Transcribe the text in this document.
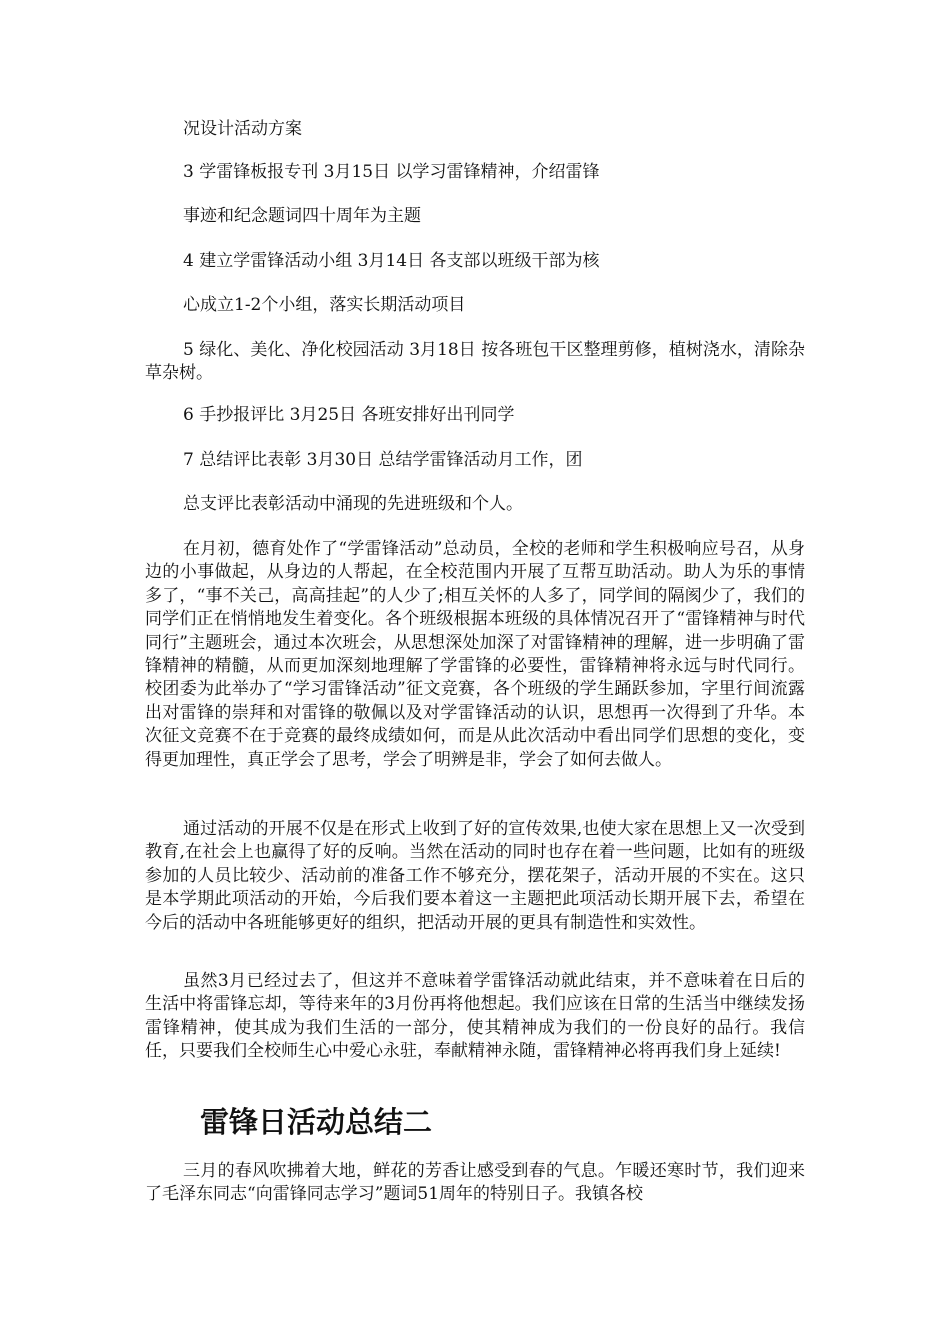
况设计活动方案
3 学雷锋板报专刊 3月15日 以学习雷锋精神，介绍雷锋
事迹和纪念题词四十周年为主题
4 建立学雷锋活动小组 3月14日 各支部以班级干部为核
心成立1-2个小组，落实长期活动项目

5 绿化、美化、净化校园活动 3月18日 按各班包干区整理剪修，植树浇水，清除杂草杂树。

6 手抄报评比 3月25日 各班安排好出刊同学
7 总结评比表彰 3月30日 总结学雷锋活动月工作，团
总支评比表彰活动中涌现的先进班级和个人。

在月初，德育处作了“学雷锋活动”总动员，全校的老师和学生积极响应号召，从身边的小事做起，从身边的人帮起，在全校范围内开展了互帮互助活动。助人为乐的事情多了，“事不关己，高高挂起”的人少了;相互关怀的人多了，同学间的隔阂少了，我们的同学们正在悄悄地发生着变化。各个班级根据本班级的具体情况召开了“雷锋精神与时代同行”主题班会，通过本次班会，从思想深处加深了对雷锋精神的理解，进一步明确了雷锋精神的精髓，从而更加深刻地理解了学雷锋的必要性，雷锋精神将永远与时代同行。校团委为此举办了“学习雷锋活动”征文竞赛，各个班级的学生踊跃参加，字里行间流露出对雷锋的崇拜和对雷锋的敬佩以及对学雷锋活动的认识，思想再一次得到了升华。本次征文竞赛不在于竞赛的最终成绩如何，而是从此次活动中看出同学们思想的变化，变得更加理性，真正学会了思考，学会了明辨是非，学会了如何去做人。

通过活动的开展不仅是在形式上收到了好的宣传效果,也使大家在思想上又一次受到教育,在社会上也赢得了好的反响。当然在活动的同时也存在着一些问题，比如有的班级参加的人员比较少、活动前的准备工作不够充分，摆花架子，活动开展的不实在。这只是本学期此项活动的开始，今后我们要本着这一主题把此项活动长期开展下去，希望在今后的活动中各班能够更好的组织，把活动开展的更具有制造性和实效性。

虽然3月已经过去了，但这并不意味着学雷锋活动就此结束，并不意味着在日后的生活中将雷锋忘却，等待来年的3月份再将他想起。我们应该在日常的生活当中继续发扬雷锋精神，使其成为我们生活的一部分，使其精神成为我们的一份良好的品行。我信任，只要我们全校师生心中爱心永驻，奉献精神永随，雷锋精神必将再我们身上延续!

雷锋日活动总结二

三月的春风吹拂着大地，鲜花的芳香让感受到春的气息。乍暖还寒时节，我们迎来了毛泽东同志“向雷锋同志学习”题词51周年的特别日子。我镇各校
